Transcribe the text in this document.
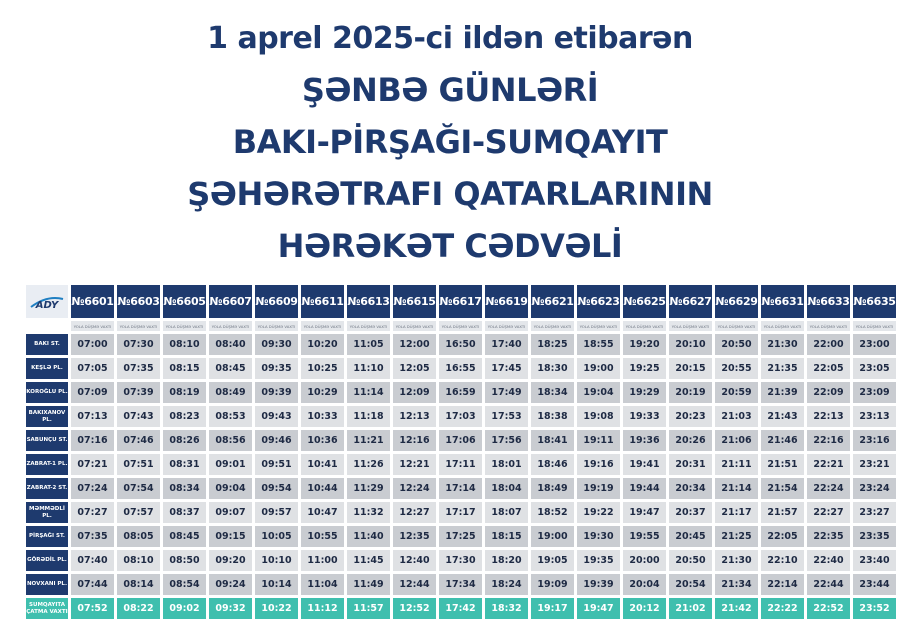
1 aprel 2025-ci ildən etibarən
ŞƏNBƏ GÜNLƏRİ
BAKI-PİRŞAĞI-SUMQAYIT
ŞƏHƏRƏTRAFI QATARLARININ
HƏRƏKƏT CƏDVƏLİ
ADY	№6601	№6603	№6605	№6607	№6609	№6611	№6613	№6615	№6617	№6619	№6621	№6623	№6625	№6627	№6629	№6631	№6633	№6635
	YOLA DÜŞMƏ VAXTI	YOLA DÜŞMƏ VAXTI	YOLA DÜŞMƏ VAXTI	YOLA DÜŞMƏ VAXTI	YOLA DÜŞMƏ VAXTI	YOLA DÜŞMƏ VAXTI	YOLA DÜŞMƏ VAXTI	YOLA DÜŞMƏ VAXTI	YOLA DÜŞMƏ VAXTI	YOLA DÜŞMƏ VAXTI	YOLA DÜŞMƏ VAXTI	YOLA DÜŞMƏ VAXTI	YOLA DÜŞMƏ VAXTI	YOLA DÜŞMƏ VAXTI	YOLA DÜŞMƏ VAXTI	YOLA DÜŞMƏ VAXTI	YOLA DÜŞMƏ VAXTI	YOLA DÜŞMƏ VAXTI
BAKI ST.	07:00	07:30	08:10	08:40	09:30	10:20	11:05	12:00	16:50	17:40	18:25	18:55	19:20	20:10	20:50	21:30	22:00	23:00
KEŞLƏ PL.	07:05	07:35	08:15	08:45	09:35	10:25	11:10	12:05	16:55	17:45	18:30	19:00	19:25	20:15	20:55	21:35	22:05	23:05
KOROĞLU PL.	07:09	07:39	08:19	08:49	09:39	10:29	11:14	12:09	16:59	17:49	18:34	19:04	19:29	20:19	20:59	21:39	22:09	23:09
BAKIXANOV PL.	07:13	07:43	08:23	08:53	09:43	10:33	11:18	12:13	17:03	17:53	18:38	19:08	19:33	20:23	21:03	21:43	22:13	23:13
SABUNÇU ST.	07:16	07:46	08:26	08:56	09:46	10:36	11:21	12:16	17:06	17:56	18:41	19:11	19:36	20:26	21:06	21:46	22:16	23:16
ZABRAT-1 PL.	07:21	07:51	08:31	09:01	09:51	10:41	11:26	12:21	17:11	18:01	18:46	19:16	19:41	20:31	21:11	21:51	22:21	23:21
ZABRAT-2 ST.	07:24	07:54	08:34	09:04	09:54	10:44	11:29	12:24	17:14	18:04	18:49	19:19	19:44	20:34	21:14	21:54	22:24	23:24
MƏMMƏDLİ PL.	07:27	07:57	08:37	09:07	09:57	10:47	11:32	12:27	17:17	18:07	18:52	19:22	19:47	20:37	21:17	21:57	22:27	23:27
PİRŞAĞI ST.	07:35	08:05	08:45	09:15	10:05	10:55	11:40	12:35	17:25	18:15	19:00	19:30	19:55	20:45	21:25	22:05	22:35	23:35
GÖRƏDİL PL.	07:40	08:10	08:50	09:20	10:10	11:00	11:45	12:40	17:30	18:20	19:05	19:35	20:00	20:50	21:30	22:10	22:40	23:40
NOVXANI PL.	07:44	08:14	08:54	09:24	10:14	11:04	11:49	12:44	17:34	18:24	19:09	19:39	20:04	20:54	21:34	22:14	22:44	23:44
SUMQAYITA ÇATMA VAXTI	07:52	08:22	09:02	09:32	10:22	11:12	11:57	12:52	17:42	18:32	19:17	19:47	20:12	21:02	21:42	22:22	22:52	23:52
